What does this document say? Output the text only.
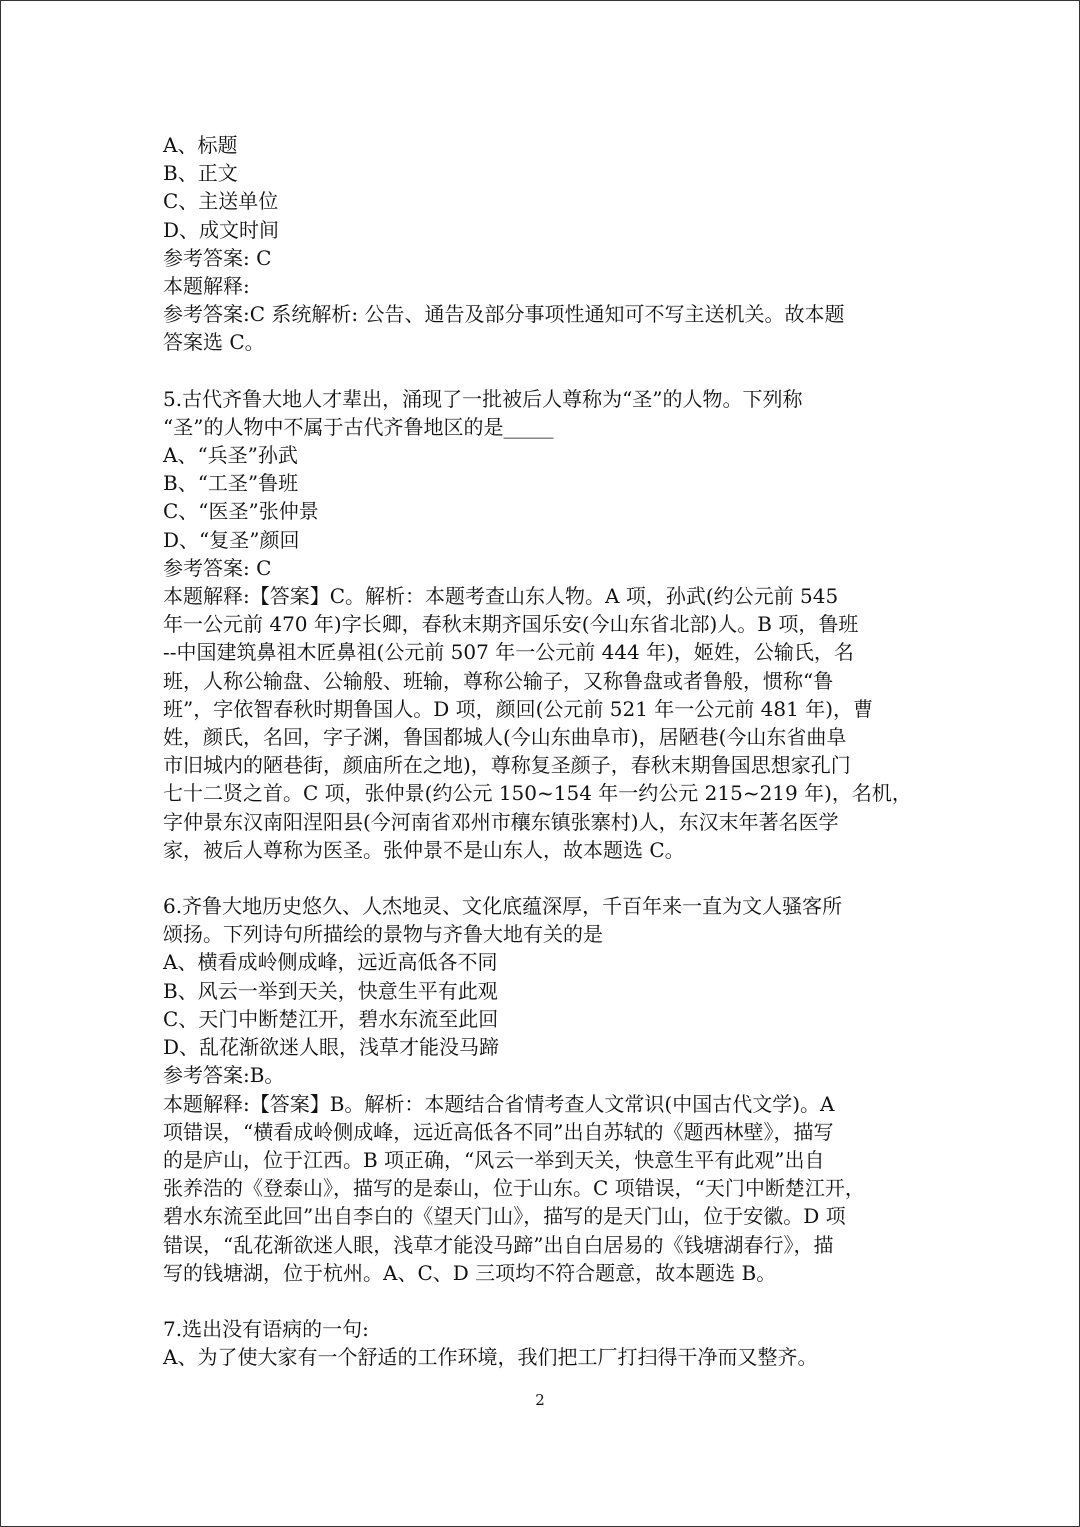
A、标题
B、正文
C、主送单位
D、成文时间
参考答案: C
本题解释:
参考答案:C 系统解析: 公告、通告及部分事项性通知可不写主送机关。故本题
答案选 C。
5.古代齐鲁大地人才辈出，涌现了一批被后人尊称为“圣”的人物。下列称
“圣”的人物中不属于古代齐鲁地区的是_____
A、“兵圣”孙武
B、“工圣”鲁班
C、“医圣”张仲景
D、“复圣”颜回
参考答案: C
本题解释:【答案】C。解析：本题考查山东人物。A 项，孙武(约公元前 545
年一公元前 470 年)字长卿，春秋末期齐国乐安(今山东省北部)人。B 项，鲁班
--中国建筑鼻祖木匠鼻祖(公元前 507 年一公元前 444 年)，姬姓，公输氏，名
班，人称公输盘、公输般、班输，尊称公输子，又称鲁盘或者鲁般，惯称“鲁
班”，字依智春秋时期鲁国人。D 项，颜回(公元前 521 年一公元前 481 年)，曹
姓，颜氏，名回，字子渊，鲁国都城人(今山东曲阜市)，居陋巷(今山东省曲阜
市旧城内的陋巷街，颜庙所在之地)，尊称复圣颜子，春秋末期鲁国思想家孔门
七十二贤之首。C 项，张仲景(约公元 150~154 年一约公元 215~219 年)，名机，
字仲景东汉南阳涅阳县(今河南省邓州市穰东镇张寨村)人，东汉末年著名医学
家，被后人尊称为医圣。张仲景不是山东人，故本题选 C。
6.齐鲁大地历史悠久、人杰地灵、文化底蕴深厚，千百年来一直为文人骚客所
颂扬。下列诗句所描绘的景物与齐鲁大地有关的是
A、横看成岭侧成峰，远近高低各不同
B、风云一举到天关，快意生平有此观
C、天门中断楚江开，碧水东流至此回
D、乱花渐欲迷人眼，浅草才能没马蹄
参考答案:B。
本题解释:【答案】B。解析：本题结合省情考查人文常识(中国古代文学)。A
项错误，“横看成岭侧成峰，远近高低各不同”出自苏轼的《题西林壁》，描写
的是庐山，位于江西。B 项正确，“风云一举到天关，快意生平有此观”出自
张养浩的《登泰山》，描写的是泰山，位于山东。C 项错误，“天门中断楚江开，
碧水东流至此回”出自李白的《望天门山》，描写的是天门山，位于安徽。D 项
错误，“乱花渐欲迷人眼，浅草才能没马蹄”出自白居易的《钱塘湖春行》，描
写的钱塘湖，位于杭州。A、C、D 三项均不符合题意，故本题选 B。
7.选出没有语病的一句:
A、为了使大家有一个舒适的工作环境，我们把工厂打扫得干净而又整齐。
2
